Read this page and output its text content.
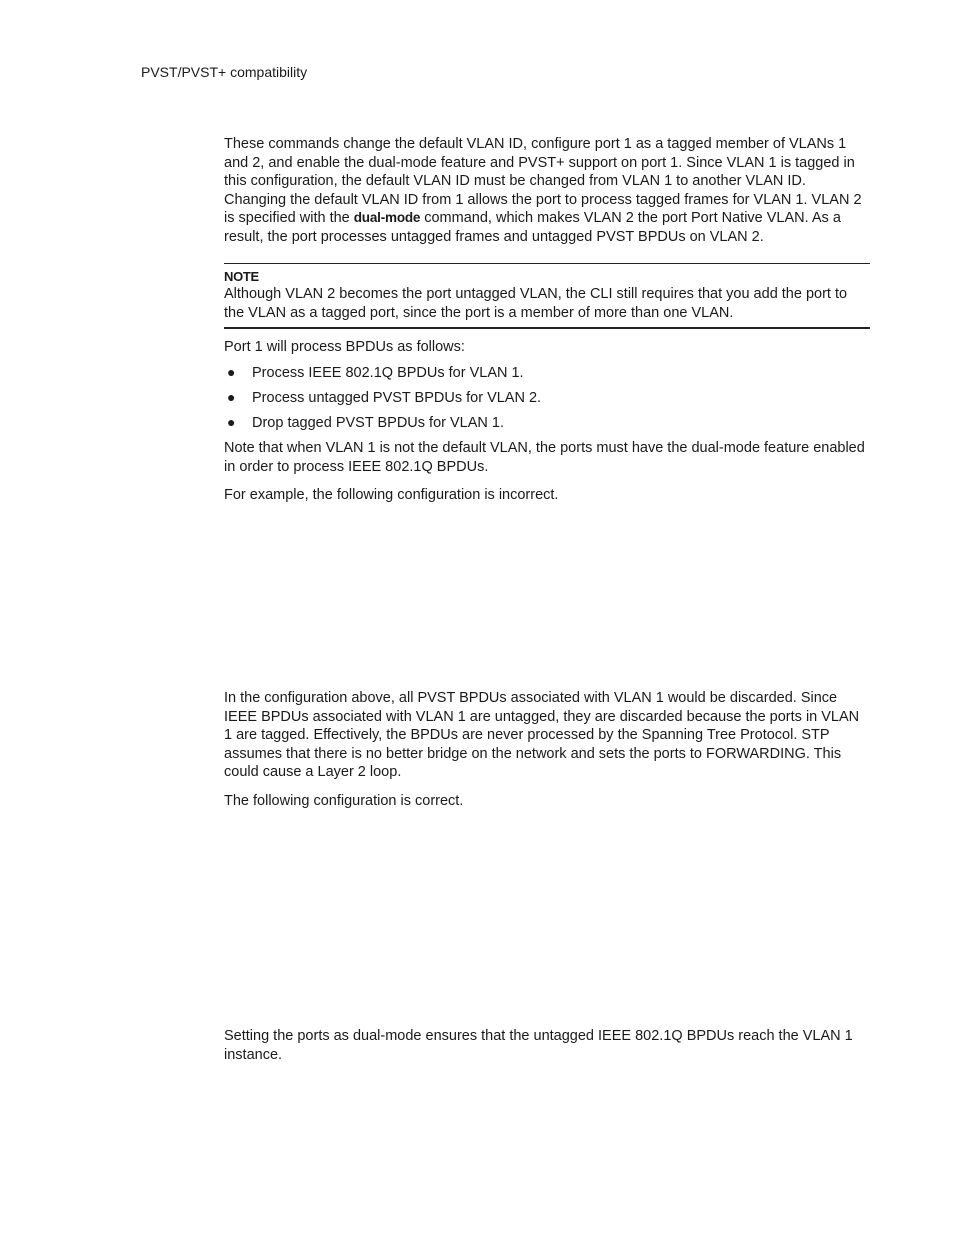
PVST/PVST+ compatibility

These commands change the default VLAN ID, configure port 1 as a tagged member of VLANs 1 and 2, and enable the dual-mode feature and PVST+ support on port 1. Since VLAN 1 is tagged in this configuration, the default VLAN ID must be changed from VLAN 1 to another VLAN ID. Changing the default VLAN ID from 1 allows the port to process tagged frames for VLAN 1. VLAN 2 is specified with the dual-mode command, which makes VLAN 2 the port Port Native VLAN. As a result, the port processes untagged frames and untagged PVST BPDUs on VLAN 2.

NOTE

Although VLAN 2 becomes the port untagged VLAN, the CLI still requires that you add the port to the VLAN as a tagged port, since the port is a member of more than one VLAN.

Port 1 will process BPDUs as follows:

● Process IEEE 802.1Q BPDUs for VLAN 1.
● Process untagged PVST BPDUs for VLAN 2.
● Drop tagged PVST BPDUs for VLAN 1.

Note that when VLAN 1 is not the default VLAN, the ports must have the dual-mode feature enabled in order to process IEEE 802.1Q BPDUs.

For example, the following configuration is incorrect.

In the configuration above, all PVST BPDUs associated with VLAN 1 would be discarded. Since IEEE BPDUs associated with VLAN 1 are untagged, they are discarded because the ports in VLAN 1 are tagged. Effectively, the BPDUs are never processed by the Spanning Tree Protocol. STP assumes that there is no better bridge on the network and sets the ports to FORWARDING. This could cause a Layer 2 loop.

The following configuration is correct.

Setting the ports as dual-mode ensures that the untagged IEEE 802.1Q BPDUs reach the VLAN 1 instance.
